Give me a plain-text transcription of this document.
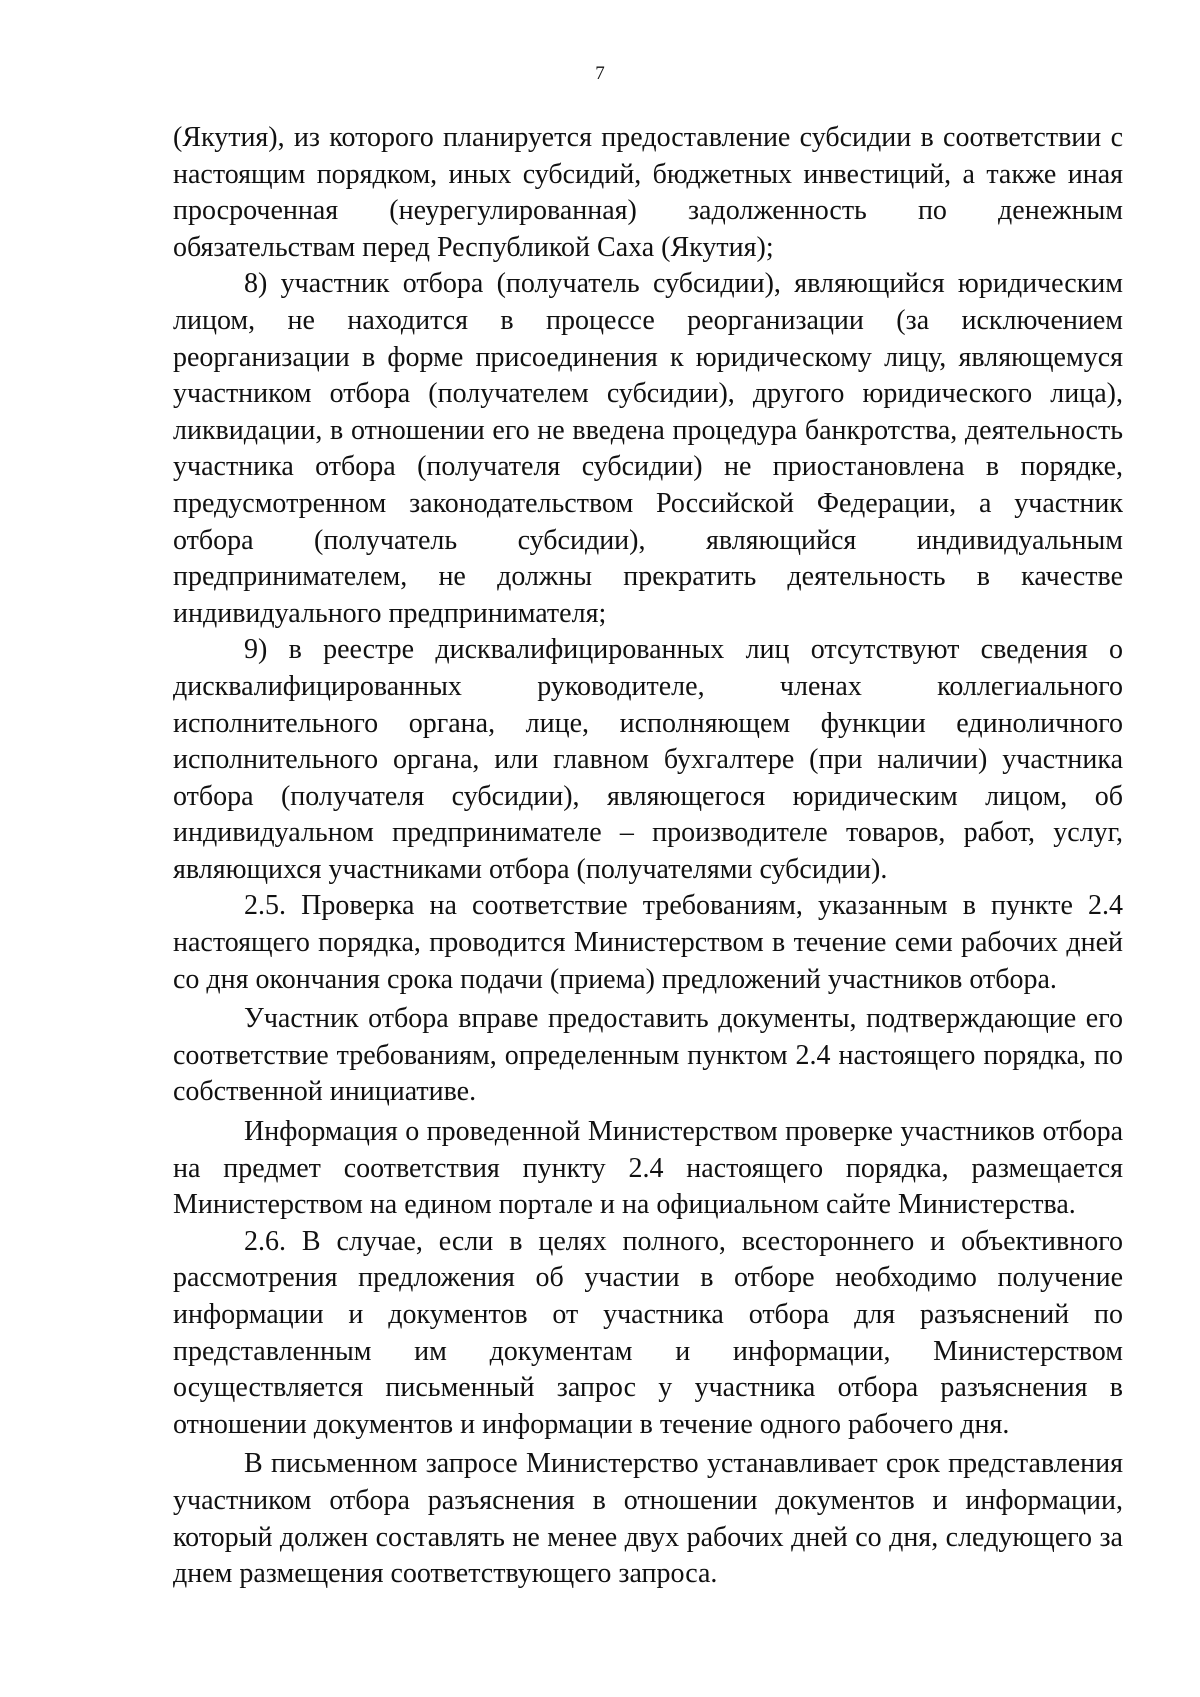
7

(Якутия), из которого планируется предоставление субсидии в соответствии с настоящим порядком, иных субсидий, бюджетных инвестиций, а также иная просроченная (неурегулированная) задолженность по денежным обязательствам перед Республикой Саха (Якутия);

8) участник отбора (получатель субсидии), являющийся юридическим лицом, не находится в процессе реорганизации (за исключением реорганизации в форме присоединения к юридическому лицу, являющемуся участником отбора (получателем субсидии), другого юридического лица), ликвидации, в отношении его не введена процедура банкротства, деятельность участника отбора (получателя субсидии) не приостановлена в порядке, предусмотренном законодательством Российской Федерации, а участник отбора (получатель субсидии), являющийся индивидуальным предпринимателем, не должны прекратить деятельность в качестве индивидуального предпринимателя;

9) в реестре дисквалифицированных лиц отсутствуют сведения о дисквалифицированных руководителе, членах коллегиального исполнительного органа, лице, исполняющем функции единоличного исполнительного органа, или главном бухгалтере (при наличии) участника отбора (получателя субсидии), являющегося юридическим лицом, об индивидуальном предпринимателе – производителе товаров, работ, услуг, являющихся участниками отбора (получателями субсидии).

2.5. Проверка на соответствие требованиям, указанным в пункте 2.4 настоящего порядка, проводится Министерством в течение семи рабочих дней со дня окончания срока подачи (приема) предложений участников отбора.

Участник отбора вправе предоставить документы, подтверждающие его соответствие требованиям, определенным пунктом 2.4 настоящего порядка, по собственной инициативе.

Информация о проведенной Министерством проверке участников отбора на предмет соответствия пункту 2.4 настоящего порядка, размещается Министерством на едином портале и на официальном сайте Министерства.

2.6. В случае, если в целях полного, всестороннего и объективного рассмотрения предложения об участии в отборе необходимо получение информации и документов от участника отбора для разъяснений по представленным им документам и информации, Министерством осуществляется письменный запрос у участника отбора разъяснения в отношении документов и информации в течение одного рабочего дня.

В письменном запросе Министерство устанавливает срок представления участником отбора разъяснения в отношении документов и информации, который должен составлять не менее двух рабочих дней со дня, следующего за днем размещения соответствующего запроса.
